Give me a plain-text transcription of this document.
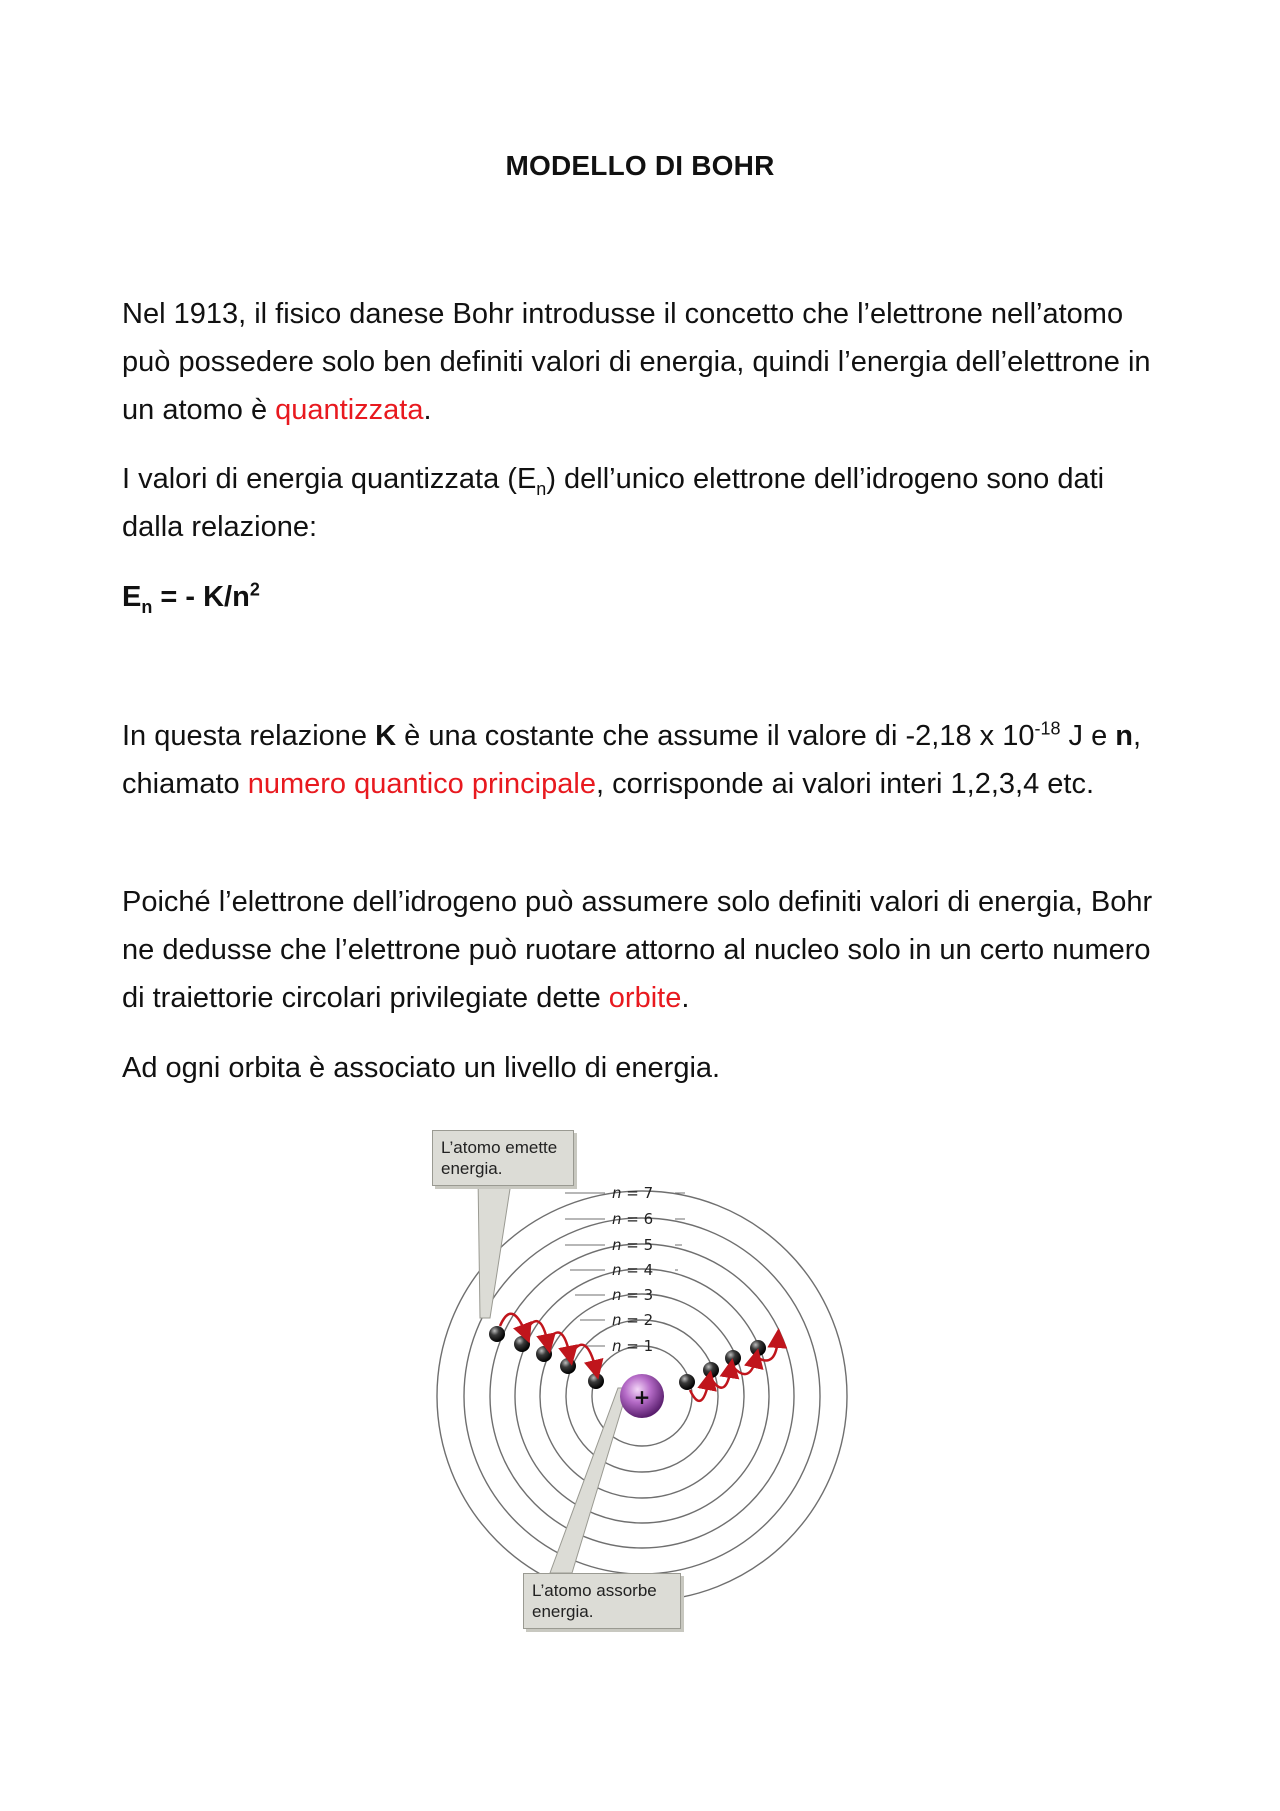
MODELLO DI BOHR

Nel 1913, il fisico danese Bohr introdusse il concetto che l’elettrone nell’atomo può possedere solo ben definiti valori di energia, quindi l’energia dell’elettrone in un atomo è quantizzata.

I valori di energia quantizzata $(E_n)$ dell’unico elettrone dell’idrogeno sono dati dalla relazione:

$E_n$ = - $K/n^2$

In questa relazione K è una costante che assume il valore di -2,18 x $10^{-18}$ J e n, chiamato numero quantico principale, corrisponde ai valori interi 1,2,3,4 etc.

Poiché l’elettrone dell’idrogeno può assumere solo definiti valori di energia, Bohr ne dedusse che l’elettrone può ruotare attorno al nucleo solo in un certo numero di traiettorie circolari privilegiate dette orbite.

Ad ogni orbita è associato un livello di energia.

n = 7
n = 6
n = 5
n = 4
n = 3
n = 2
n = 1
+
L’atomo emette
energia.
L’atomo assorbe
energia.
